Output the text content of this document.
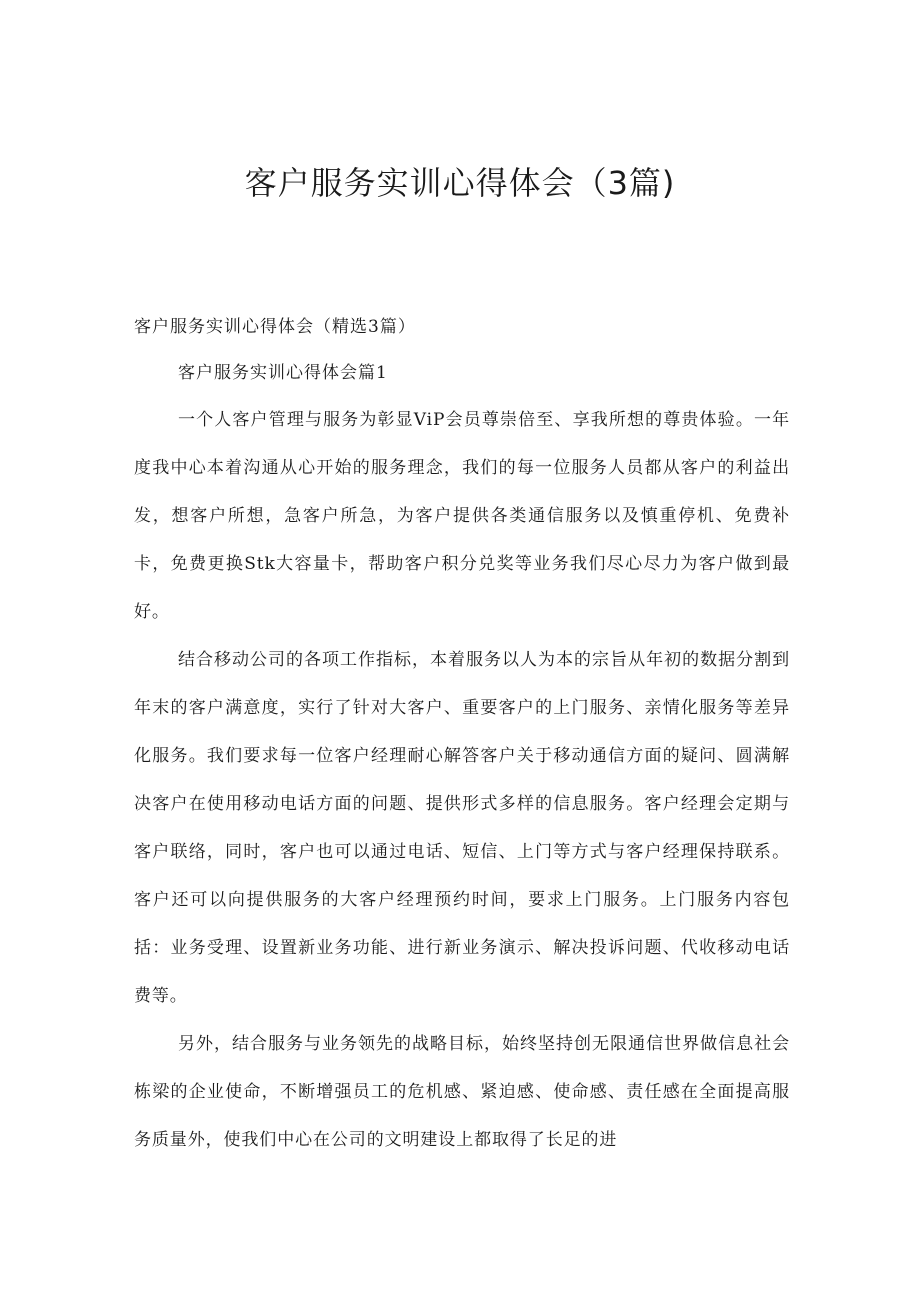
客户服务实训心得体会（3篇)

客户服务实训心得体会（精选3篇）

客户服务实训心得体会篇1

一个人客户管理与服务为彰显ViP会员尊崇倍至、享我所想的尊贵体验。一年度我中心本着沟通从心开始的服务理念，我们的每一位服务人员都从客户的利益出发，想客户所想，急客户所急，为客户提供各类通信服务以及慎重停机、免费补卡，免费更换Stk大容量卡，帮助客户积分兑奖等业务我们尽心尽力为客户做到最好。

结合移动公司的各项工作指标，本着服务以人为本的宗旨从年初的数据分割到年末的客户满意度，实行了针对大客户、重要客户的上门服务、亲情化服务等差异化服务。我们要求每一位客户经理耐心解答客户关于移动通信方面的疑问、圆满解决客户在使用移动电话方面的问题、提供形式多样的信息服务。客户经理会定期与客户联络，同时，客户也可以通过电话、短信、上门等方式与客户经理保持联系。客户还可以向提供服务的大客户经理预约时间，要求上门服务。上门服务内容包括：业务受理、设置新业务功能、进行新业务演示、解决投诉问题、代收移动电话费等。

另外，结合服务与业务领先的战略目标，始终坚持创无限通信世界做信息社会栋梁的企业使命，不断增强员工的危机感、紧迫感、使命感、责任感在全面提高服务质量外，使我们中心在公司的文明建设上都取得了长足的进
